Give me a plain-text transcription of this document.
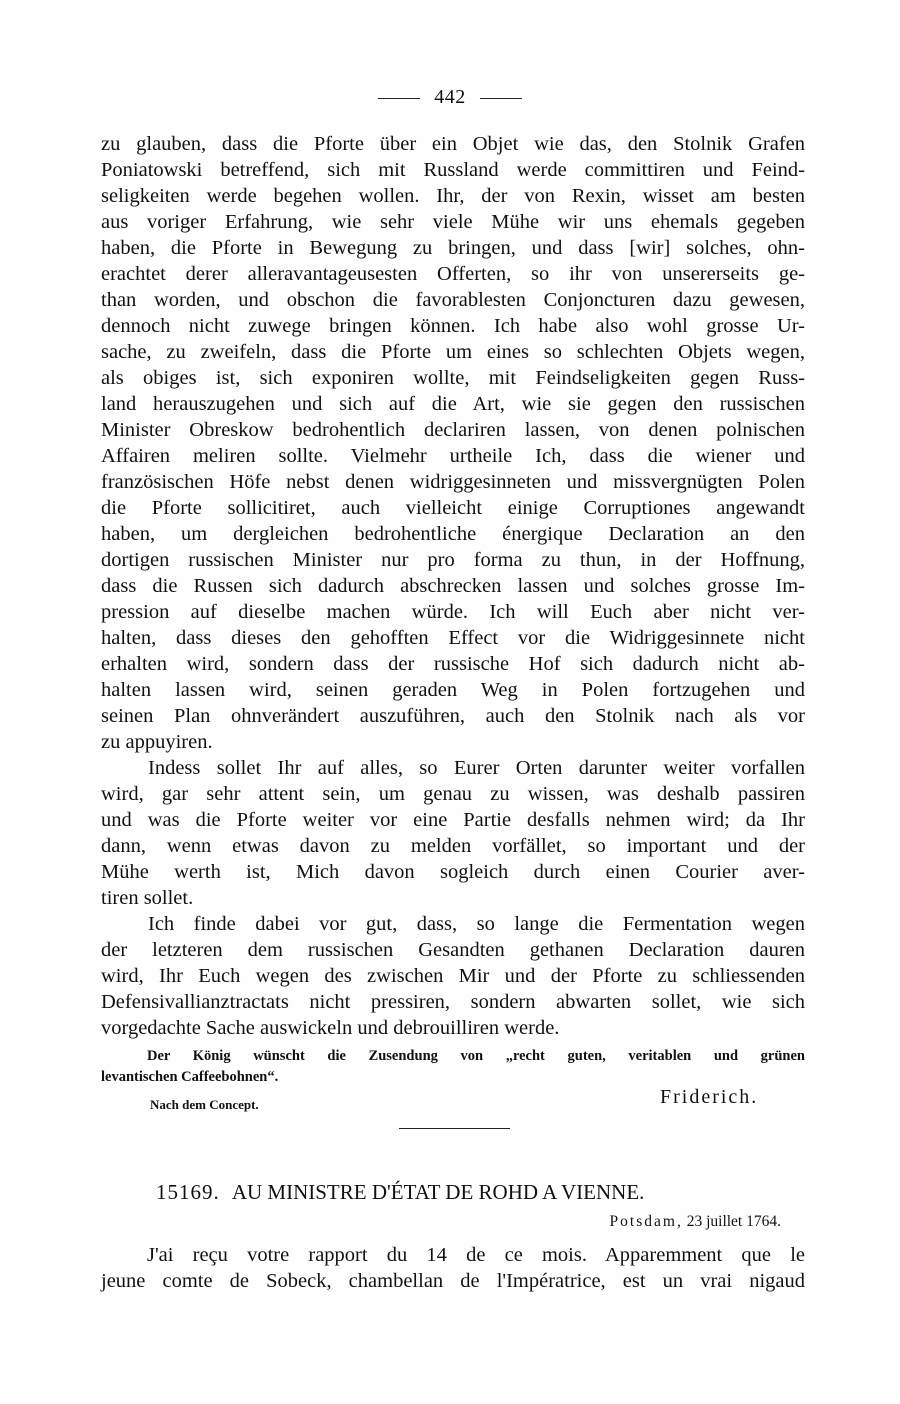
442
zu glauben, dass die Pforte über ein Objet wie das, den Stolnik Grafen
Poniatowski betreffend, sich mit Russland werde committiren und Feind-
seligkeiten werde begehen wollen. Ihr, der von Rexin, wisset am besten
aus voriger Erfahrung, wie sehr viele Mühe wir uns ehemals gegeben
haben, die Pforte in Bewegung zu bringen, und dass [wir] solches, ohn-
erachtet derer alleravantageusesten Offerten, so ihr von unsererseits ge-
than worden, und obschon die favorablesten Conjoncturen dazu gewesen,
dennoch nicht zuwege bringen können. Ich habe also wohl grosse Ur-
sache, zu zweifeln, dass die Pforte um eines so schlechten Objets wegen,
als obiges ist, sich exponiren wollte, mit Feindseligkeiten gegen Russ-
land herauszugehen und sich auf die Art, wie sie gegen den russischen
Minister Obreskow bedrohentlich declariren lassen, von denen polnischen
Affairen meliren sollte. Vielmehr urtheile Ich, dass die wiener und
französischen Höfe nebst denen widriggesinneten und missvergnügten Polen
die Pforte sollicitiret, auch vielleicht einige Corruptiones angewandt
haben, um dergleichen bedrohentliche énergique Declaration an den
dortigen russischen Minister nur pro forma zu thun, in der Hoffnung,
dass die Russen sich dadurch abschrecken lassen und solches grosse Im-
pression auf dieselbe machen würde. Ich will Euch aber nicht ver-
halten, dass dieses den gehofften Effect vor die Widriggesinnete nicht
erhalten wird, sondern dass der russische Hof sich dadurch nicht ab-
halten lassen wird, seinen geraden Weg in Polen fortzugehen und
seinen Plan ohnverändert auszuführen, auch den Stolnik nach als vor
zu appuyiren.
Indess sollet Ihr auf alles, so Eurer Orten darunter weiter vorfallen
wird, gar sehr attent sein, um genau zu wissen, was deshalb passiren
und was die Pforte weiter vor eine Partie desfalls nehmen wird; da Ihr
dann, wenn etwas davon zu melden vorfället, so important und der
Mühe werth ist, Mich davon sogleich durch einen Courier aver-
tiren sollet.
Ich finde dabei vor gut, dass, so lange die Fermentation wegen
der letzteren dem russischen Gesandten gethanen Declaration dauren
wird, Ihr Euch wegen des zwischen Mir und der Pforte zu schliessenden
Defensivallianztractats nicht pressiren, sondern abwarten sollet, wie sich
vorgedachte Sache auswickeln und debrouilliren werde.
Der König wünscht die Zusendung von „recht guten, veritablen und grünen
levantischen Caffeebohnen“.
Nach dem Concept.	Friderich.
15169. AU MINISTRE D'ÉTAT DE ROHD A VIENNE.
Potsdam, 23 juillet 1764.
J'ai reçu votre rapport du 14 de ce mois. Apparemment que le
jeune comte de Sobeck, chambellan de l'Impératrice, est un vrai nigaud
